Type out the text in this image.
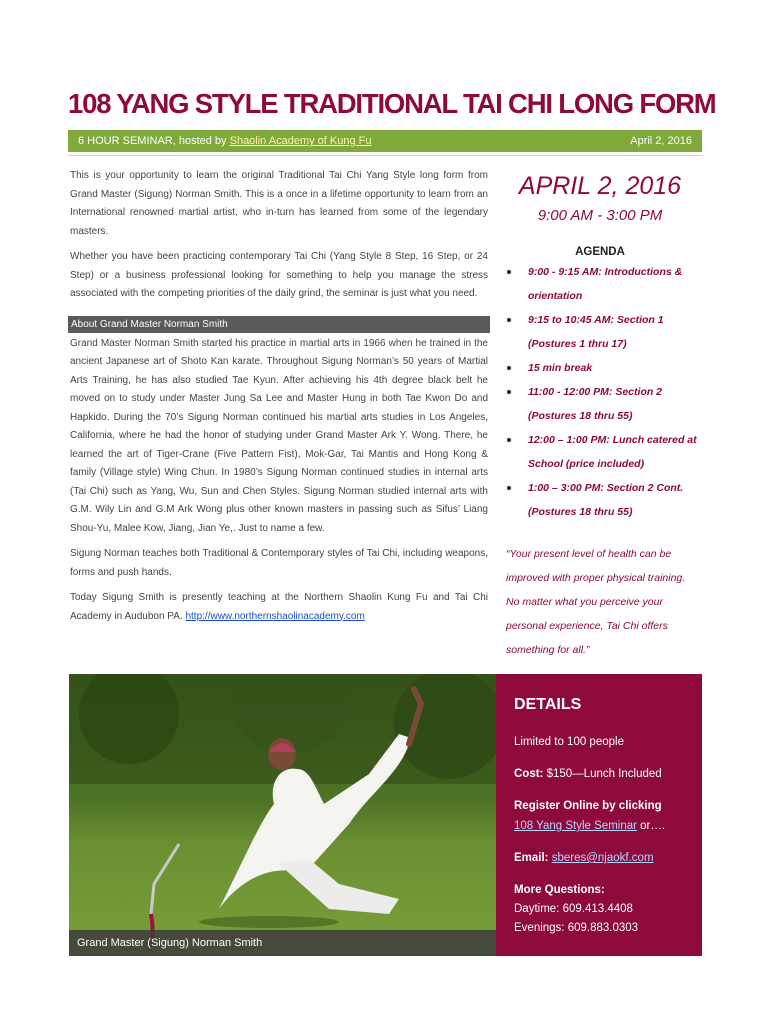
108 YANG STYLE TRADITIONAL TAI CHI LONG FORM
6 HOUR SEMINAR, hosted by Shaolin Academy of Kung Fu	April 2, 2016

This is your opportunity to learn the original Traditional Tai Chi Yang Style long form from Grand Master (Sigung) Norman Smith. This is a once in a lifetime opportunity to learn from an International renowned martial artist, who in-turn has learned from some of the legendary masters.

Whether you have been practicing contemporary Tai Chi (Yang Style 8 Step, 16 Step, or 24 Step) or a business professional looking for something to help you manage the stress associated with the competing priorities of the daily grind, the seminar is just what you need.

About Grand Master Norman Smith

Grand Master Norman Smith started his practice in martial arts in 1966 when he trained in the ancient Japanese art of Shoto Kan karate. Throughout Sigung Norman’s 50 years of Martial Arts Training, he has also studied Tae Kyun. After achieving his 4th degree black belt he moved on to study under Master Jung Sa Lee and Master Hung in both Tae Kwon Do and Hapkido. During the 70’s Sigung Norman continued his martial arts studies in Los Angeles, California, where he had the honor of studying under Grand Master Ark Y. Wong. There, he learned the art of Tiger-Crane (Five Pattern Fist), Mok-Gar, Tai Mantis and Hong Kong & family (Village style) Wing Chun. In 1980’s Sigung Norman continued studies in internal arts (Tai Chi) such as Yang, Wu, Sun and Chen Styles. Sigung Norman studied internal arts with G.M. Wily Lin and G.M Ark Wong plus other known masters in passing such as Sifus’ Liang Shou-Yu, Malee Kow, Jiang, Jian Ye,. Just to name a few.

Sigung Norman teaches both Traditional & Contemporary styles of Tai Chi, including weapons, forms and push hands.

Today Sigung Smith is presently teaching at the Northern Shaolin Kung Fu and Tai Chi Academy in Audubon PA. http://www.northernshaolinacademy.com

APRIL 2, 2016
9:00 AM - 3:00 PM
AGENDA
9:00 - 9:15 AM: Introductions & orientation
9:15 to 10:45 AM: Section 1 (Postures 1 thru 17)
15 min break
11:00 - 12:00 PM: Section 2 (Postures 18 thru 55)
12:00 – 1:00 PM: Lunch catered at School (price included)
1:00 – 3:00 PM: Section 2 Cont. (Postures 18 thru 55)
“Your present level of health can be improved with proper physical training. No matter what you perceive your personal experience, Tai Chi offers something for all.”
Grand Master (Sigung) Norman Smith
DETAILS
Limited to 100 people
Cost: $150—Lunch Included
Register Online by clicking
108 Yang Style Seminar or….
Email: sberes@njaokf.com
More Questions:
Daytime: 609.413.4408
Evenings: 609.883.0303
